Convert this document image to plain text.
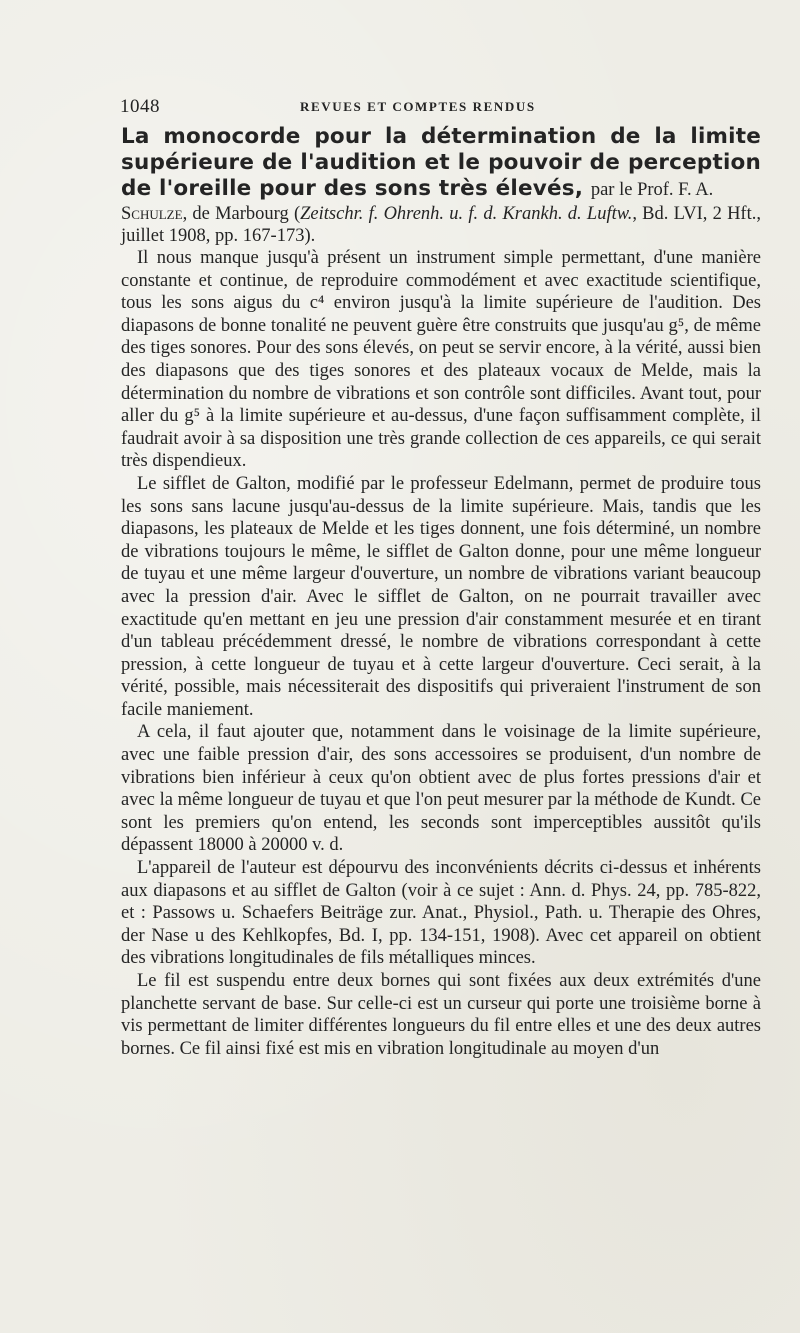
1048	REVUES ET COMPTES RENDUS

La monocorde pour la détermination de la limite supérieure de l'audition et le pouvoir de perception de l'oreille pour des sons très élevés, par le Prof. F. A.

Schulze, de Marbourg (Zeitschr. f. Ohrenh. u. f. d. Krankh. d. Luftw., Bd. LVI, 2 Hft., juillet 1908, pp. 167-173).

Il nous manque jusqu'à présent un instrument simple permettant, d'une manière constante et continue, de reproduire commodément et avec exactitude scientifique, tous les sons aigus du c⁴ environ jusqu'à la limite supérieure de l'audition. Des diapasons de bonne tonalité ne peuvent guère être construits que jusqu'au g⁵, de même des tiges sonores. Pour des sons élevés, on peut se servir encore, à la vérité, aussi bien des diapasons que des tiges sonores et des plateaux vocaux de Melde, mais la détermination du nombre de vibrations et son contrôle sont difficiles. Avant tout, pour aller du g⁵ à la limite supérieure et au-dessus, d'une façon suffisamment complète, il faudrait avoir à sa disposition une très grande collection de ces appareils, ce qui serait très dispendieux.

Le sifflet de Galton, modifié par le professeur Edelmann, permet de produire tous les sons sans lacune jusqu'au-dessus de la limite supérieure. Mais, tandis que les diapasons, les plateaux de Melde et les tiges donnent, une fois déterminé, un nombre de vibrations toujours le même, le sifflet de Galton donne, pour une même longueur de tuyau et une même largeur d'ouverture, un nombre de vibrations variant beaucoup avec la pression d'air. Avec le sifflet de Galton, on ne pourrait travailler avec exactitude qu'en mettant en jeu une pression d'air constamment mesurée et en tirant d'un tableau précédemment dressé, le nombre de vibrations correspondant à cette pression, à cette longueur de tuyau et à cette largeur d'ouverture. Ceci serait, à la vérité, possible, mais nécessiterait des dispositifs qui priveraient l'instrument de son facile maniement.

A cela, il faut ajouter que, notamment dans le voisinage de la limite supérieure, avec une faible pression d'air, des sons accessoires se produisent, d'un nombre de vibrations bien inférieur à ceux qu'on obtient avec de plus fortes pressions d'air et avec la même longueur de tuyau et que l'on peut mesurer par la méthode de Kundt. Ce sont les premiers qu'on entend, les seconds sont imperceptibles aussitôt qu'ils dépassent 18000 à 20000 v. d.

L'appareil de l'auteur est dépourvu des inconvénients décrits ci-dessus et inhérents aux diapasons et au sifflet de Galton (voir à ce sujet : Ann. d. Phys. 24, pp. 785-822, et : Passows u. Schaefers Beiträge zur. Anat., Physiol., Path. u. Therapie des Ohres, der Nase u des Kehlkopfes, Bd. I, pp. 134-151, 1908). Avec cet appareil on obtient des vibrations longitudinales de fils métalliques minces.

Le fil est suspendu entre deux bornes qui sont fixées aux deux extrémités d'une planchette servant de base. Sur celle-ci est un curseur qui porte une troisième borne à vis permettant de limiter différentes longueurs du fil entre elles et une des deux autres bornes. Ce fil ainsi fixé est mis en vibration longitudinale au moyen d'un
